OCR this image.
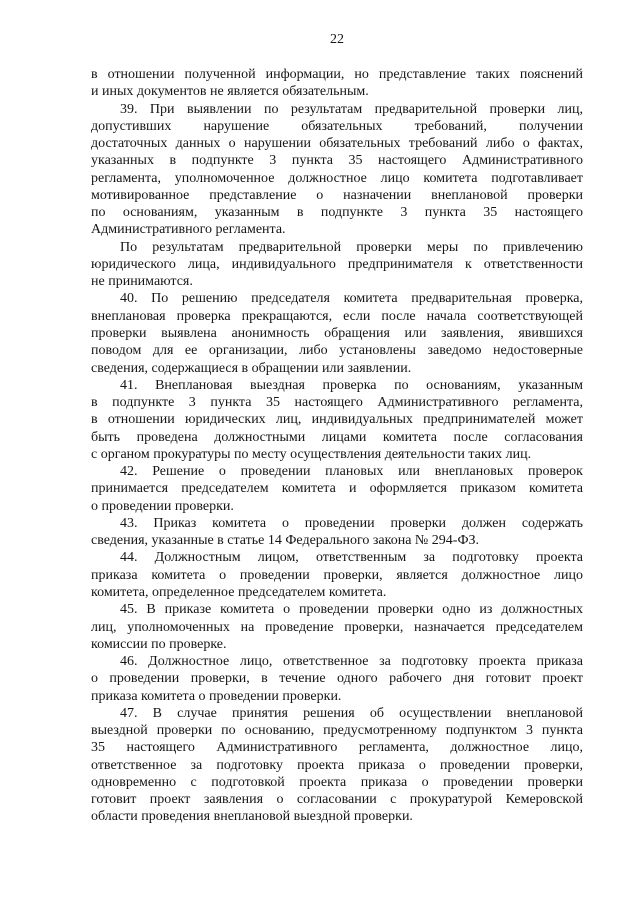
22
в отношении полученной информации, но представление таких пояснений
и иных документов не является обязательным.
39. При выявлении по результатам предварительной проверки лиц,
допустивших нарушение обязательных требований, получении
достаточных данных о нарушении обязательных требований либо о фактах,
указанных в подпункте 3 пункта 35 настоящего Административного
регламента, уполномоченное должностное лицо комитета подготавливает
мотивированное представление о назначении внеплановой проверки
по основаниям, указанным в подпункте 3 пункта 35 настоящего
Административного регламента.
По результатам предварительной проверки меры по привлечению
юридического лица, индивидуального предпринимателя к ответственности
не принимаются.
40. По решению председателя комитета предварительная проверка,
внеплановая проверка прекращаются, если после начала соответствующей
проверки выявлена анонимность обращения или заявления, явившихся
поводом для ее организации, либо установлены заведомо недостоверные
сведения, содержащиеся в обращении или заявлении.
41. Внеплановая выездная проверка по основаниям, указанным
в подпункте 3 пункта 35 настоящего Административного регламента,
в отношении юридических лиц, индивидуальных предпринимателей может
быть проведена должностными лицами комитета после согласования
с органом прокуратуры по месту осуществления деятельности таких лиц.
42. Решение о проведении плановых или внеплановых проверок
принимается председателем комитета и оформляется приказом комитета
о проведении проверки.
43. Приказ комитета о проведении проверки должен содержать
сведения, указанные в статье 14 Федерального закона № 294-ФЗ.
44. Должностным лицом, ответственным за подготовку проекта
приказа комитета о проведении проверки, является должностное лицо
комитета, определенное председателем комитета.
45. В приказе комитета о проведении проверки одно из должностных
лиц, уполномоченных на проведение проверки, назначается председателем
комиссии по проверке.
46. Должностное лицо, ответственное за подготовку проекта приказа
о проведении проверки, в течение одного рабочего дня готовит проект
приказа комитета о проведении проверки.
47. В случае принятия решения об осуществлении внеплановой
выездной проверки по основанию, предусмотренному подпунктом 3 пункта
35 настоящего Административного регламента, должностное лицо,
ответственное за подготовку проекта приказа о проведении проверки,
одновременно с подготовкой проекта приказа о проведении проверки
готовит проект заявления о согласовании с прокуратурой Кемеровской
области проведения внеплановой выездной проверки.
